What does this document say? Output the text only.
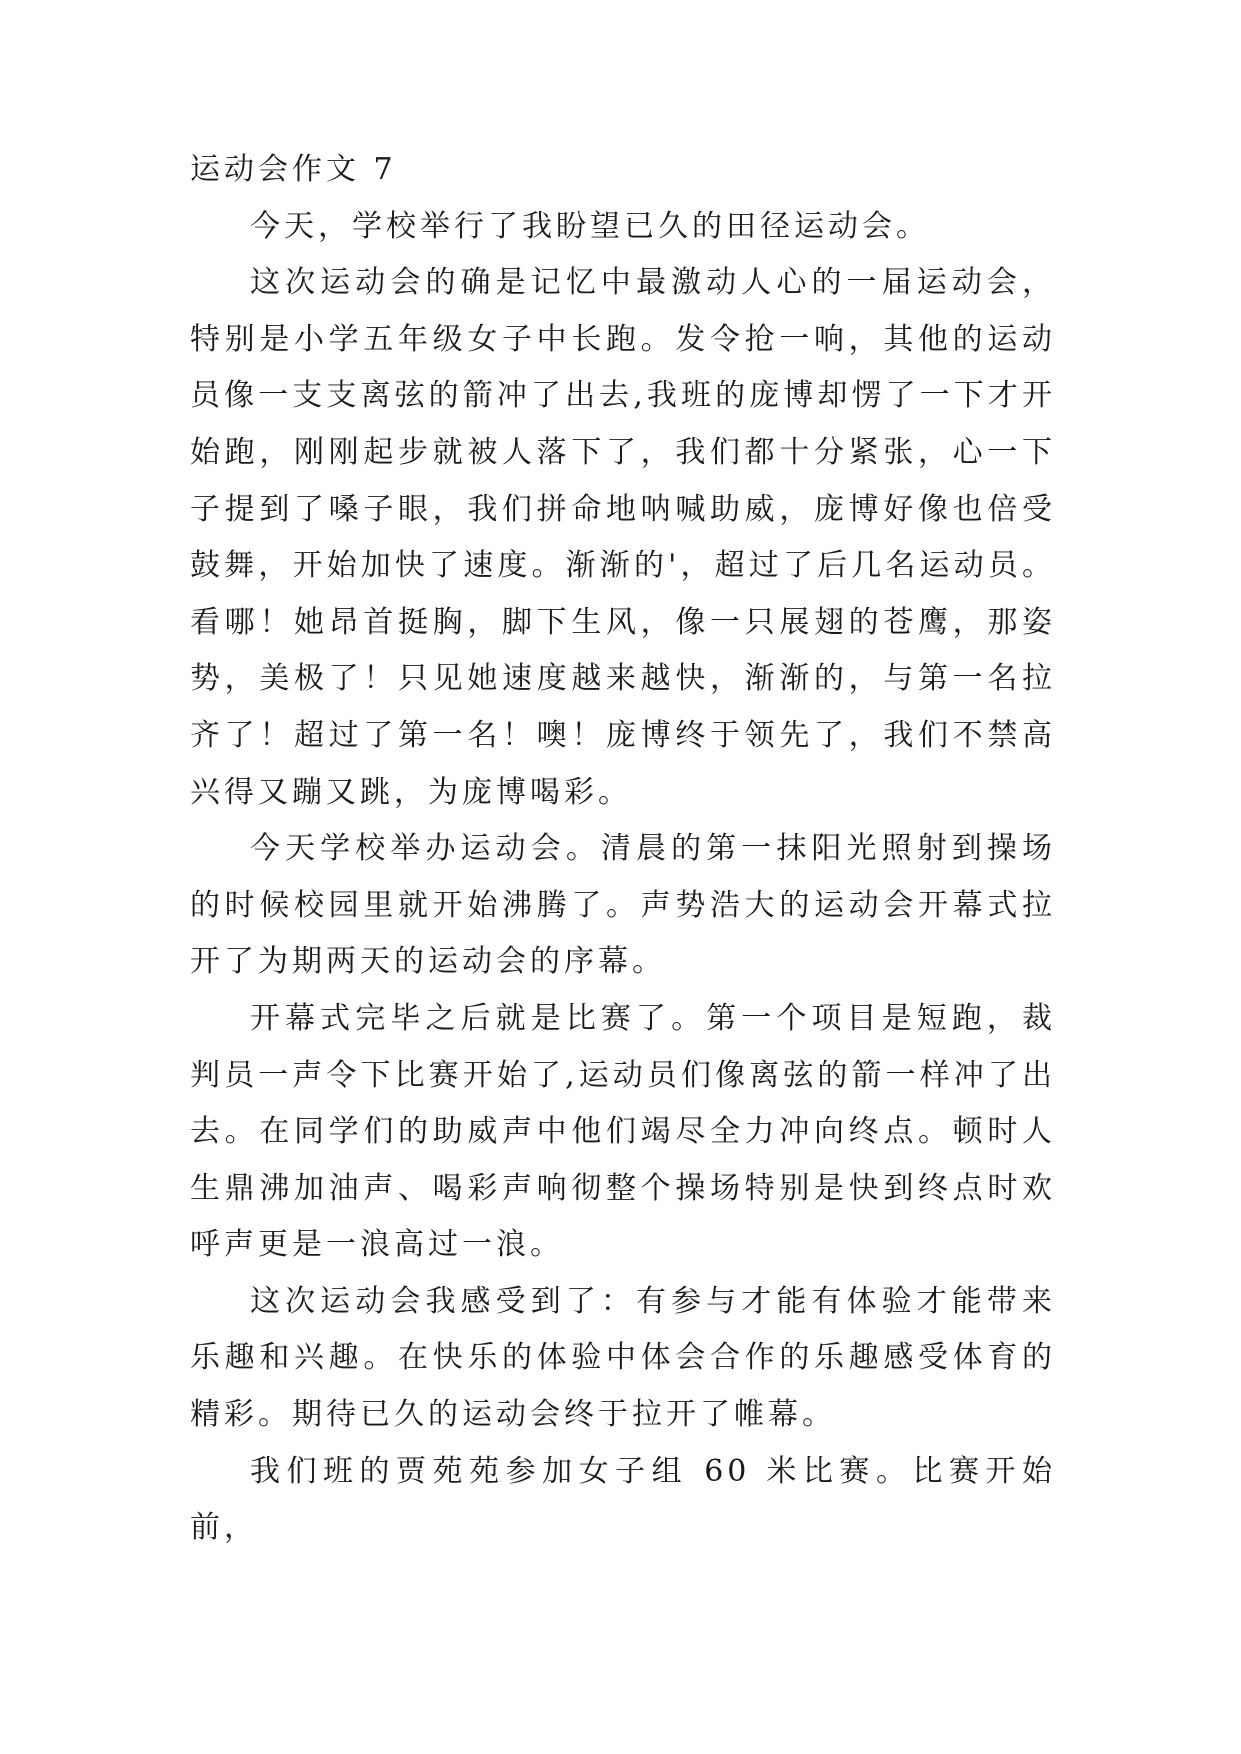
运动会作文 7

今天，学校举行了我盼望已久的田径运动会。

这次运动会的确是记忆中最激动人心的一届运动会，特别是小学五年级女子中长跑。发令抢一响，其他的运动员像一支支离弦的箭冲了出去,我班的庞博却愣了一下才开始跑，刚刚起步就被人落下了，我们都十分紧张，心一下子提到了嗓子眼，我们拼命地呐喊助威，庞博好像也倍受鼓舞，开始加快了速度。渐渐的'，超过了后几名运动员。看哪！她昂首挺胸，脚下生风，像一只展翅的苍鹰，那姿势，美极了！只见她速度越来越快，渐渐的，与第一名拉齐了！超过了第一名！噢！庞博终于领先了，我们不禁高兴得又蹦又跳，为庞博喝彩。

今天学校举办运动会。清晨的第一抹阳光照射到操场的时候校园里就开始沸腾了。声势浩大的运动会开幕式拉开了为期两天的运动会的序幕。

开幕式完毕之后就是比赛了。第一个项目是短跑，裁判员一声令下比赛开始了,运动员们像离弦的箭一样冲了出去。在同学们的助威声中他们竭尽全力冲向终点。顿时人生鼎沸加油声、喝彩声响彻整个操场特别是快到终点时欢呼声更是一浪高过一浪。

这次运动会我感受到了：有参与才能有体验才能带来乐趣和兴趣。在快乐的体验中体会合作的乐趣感受体育的精彩。期待已久的运动会终于拉开了帷幕。

我们班的贾苑苑参加女子组 60 米比赛。比赛开始前，
